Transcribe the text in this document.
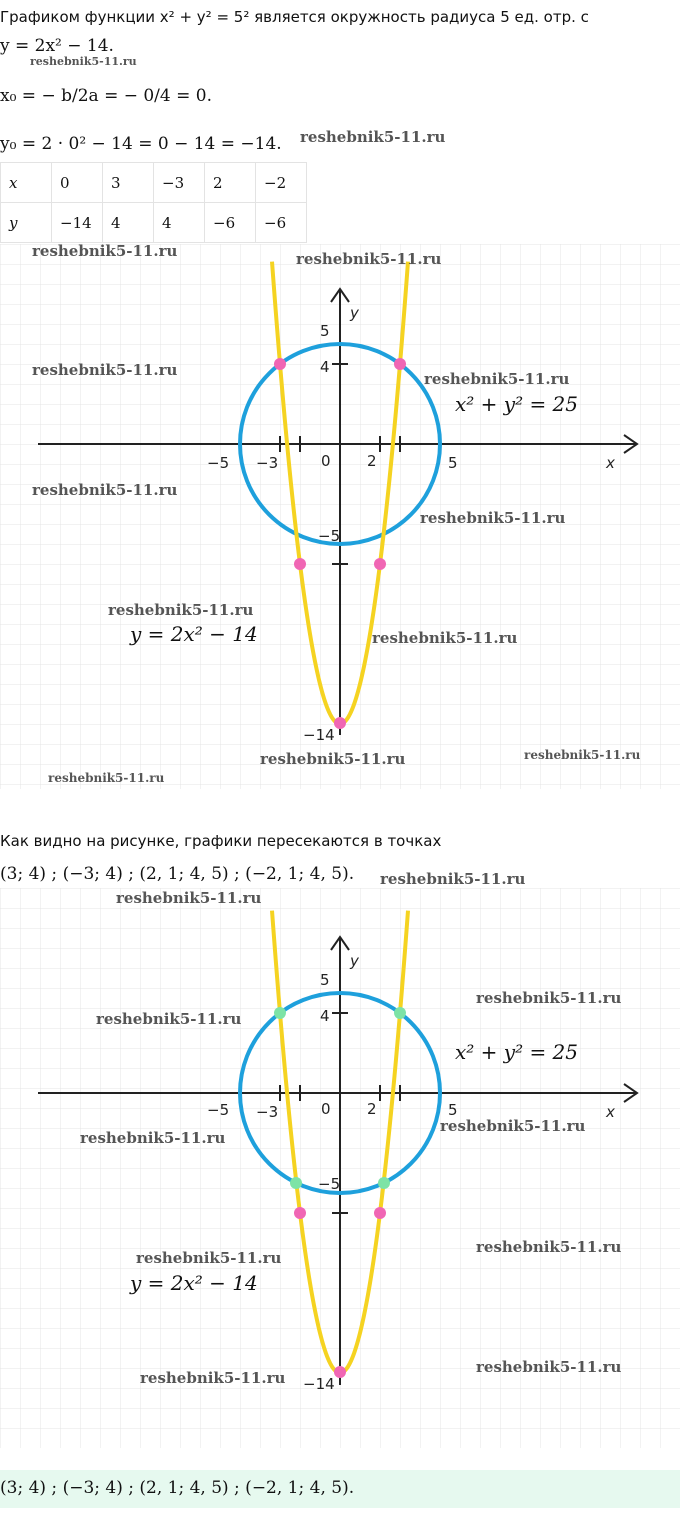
Графиком функции x² + y² = 5² является окружность радиуса 5 ед. отр. с
y = 2x² − 14.
x₀ = − b/2a = − 0/4 = 0.
y₀ = 2 · 0² − 14 = 0 − 14 = −14.
reshebnik5-11.ru
reshebnik5-11.ru
x	0	3	−3	2	−2
y	−14	4	4	−6	−6
x
y
−5 −3	0 2	5
5
4
−5
−14
x² + y² = 25
y = 2x² − 14
reshebnik5-11.ru	reshebnik5-11.ru
reshebnik5-11.ru	reshebnik5-11.ru
reshebnik5-11.ru
reshebnik5-11.ru
reshebnik5-11.ru
reshebnik5-11.ru
reshebnik5-11.ru	reshebnik5-11.ru
reshebnik5-11.ru
Как видно на рисунке, графики пересекаются в точках
(3; 4) ; (−3; 4) ; (2, 1; 4, 5) ; (−2, 1; 4, 5). reshebnik5-11.ru
x
y
−5 −3	0 2	5
5
4
−5
−14
x² + y² = 25
y = 2x² − 14
reshebnik5-11.ru
reshebnik5-11.ru
reshebnik5-11.ru
reshebnik5-11.ru
reshebnik5-11.ru
reshebnik5-11.ru
reshebnik5-11.ru
reshebnik5-11.ru
reshebnik5-11.ru
(3; 4) ; (−3; 4) ; (2, 1; 4, 5) ; (−2, 1; 4, 5).
